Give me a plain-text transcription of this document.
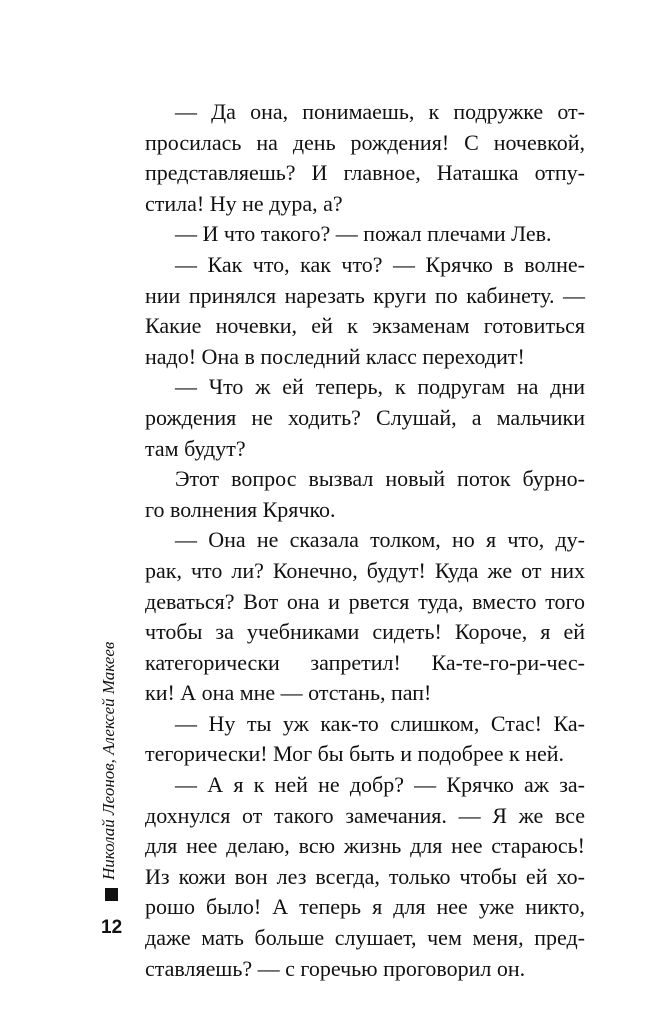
Николай Леонов, Алексей Макеев
12
— Да она, понимаешь, к подружке от-
просилась на день рождения! С ночевкой,
представляешь? И главное, Наташка отпу-
стила! Ну не дура, а?
— И что такого? — пожал плечами Лев.
— Как что, как что? — Крячко в волне-
нии принялся нарезать круги по кабинету. —
Какие ночевки, ей к экзаменам готовиться
надо! Она в последний класс переходит!
— Что ж ей теперь, к подругам на дни
рождения не ходить? Слушай, а мальчики
там будут?
Этот вопрос вызвал новый поток бурно-
го волнения Крячко.
— Она не сказала толком, но я что, ду-
рак, что ли? Конечно, будут! Куда же от них
деваться? Вот она и рвется туда, вместо того
чтобы за учебниками сидеть! Короче, я ей
категорически запретил! Ка-те-го-ри-чес-
ки! А она мне — отстань, пап!
— Ну ты уж как-то слишком, Стас! Ка-
тегорически! Мог бы быть и подобрее к ней.
— А я к ней не добр? — Крячко аж за-
дохнулся от такого замечания. — Я же все
для нее делаю, всю жизнь для нее стараюсь!
Из кожи вон лез всегда, только чтобы ей хо-
рошо было! А теперь я для нее уже никто,
даже мать больше слушает, чем меня, пред-
ставляешь? — с горечью проговорил он.
